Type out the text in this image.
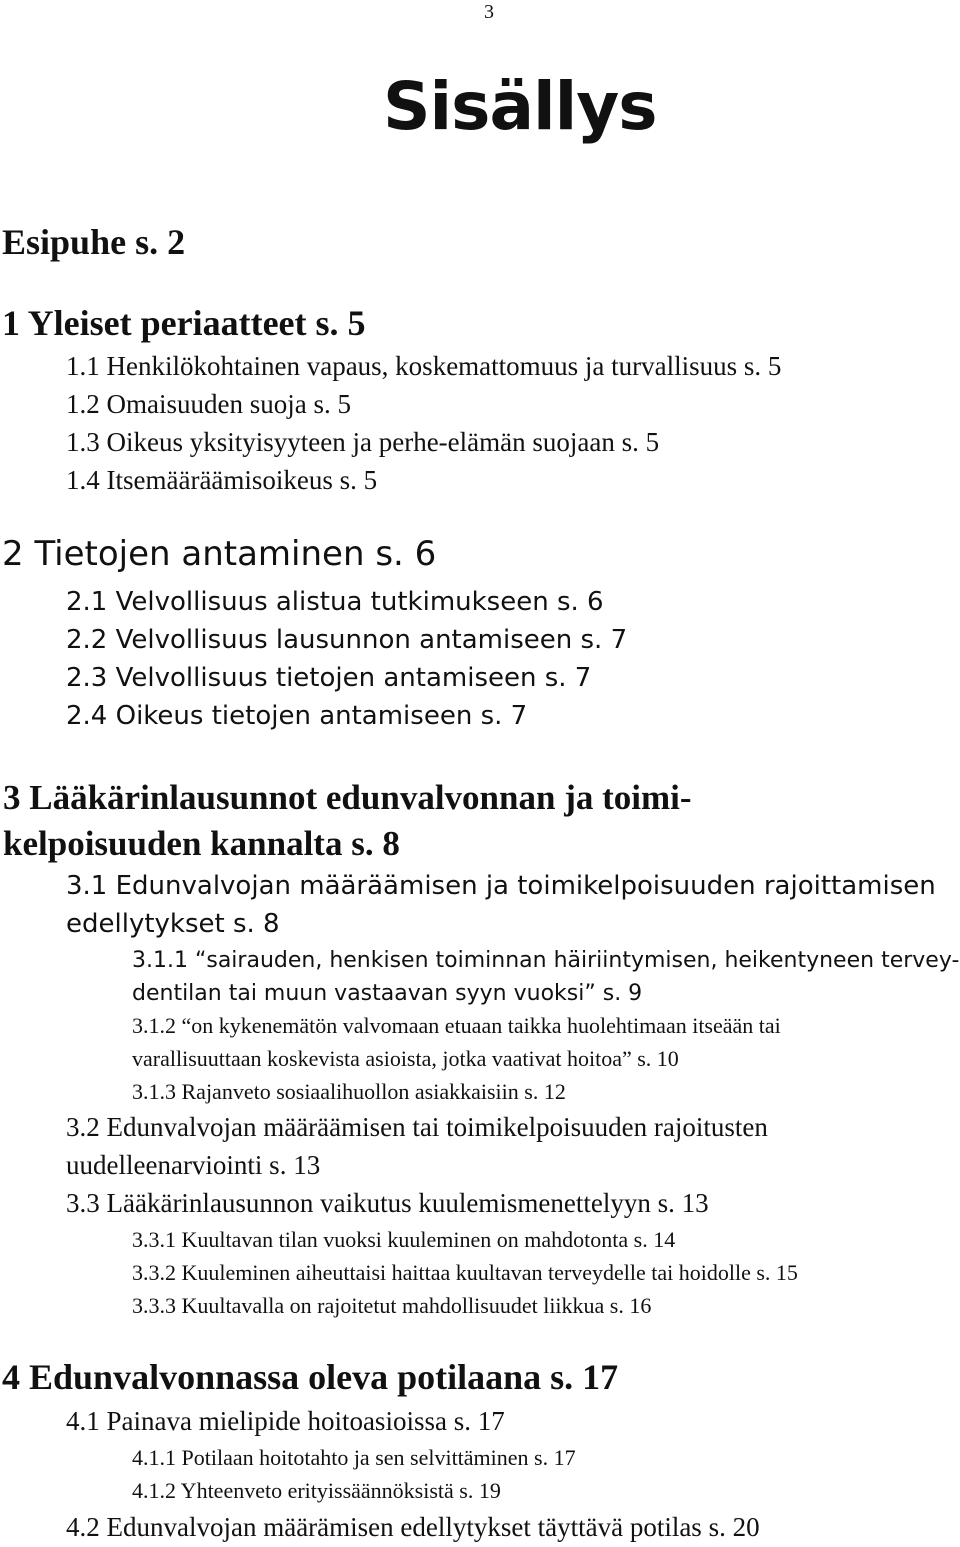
3
Sisällys
Esipuhe s. 2
1 Yleiset periaatteet s. 5
1.1 Henkilökohtainen vapaus, koskemattomuus ja turvallisuus s. 5
1.2 Omaisuuden suoja s. 5
1.3 Oikeus yksityisyyteen ja perhe-elämän suojaan s. 5
1.4 Itsemääräämisoikeus s. 5
2 Tietojen antaminen s. 6
2.1 Velvollisuus alistua tutkimukseen s. 6
2.2 Velvollisuus lausunnon antamiseen s. 7
2.3 Velvollisuus tietojen antamiseen s. 7
2.4 Oikeus tietojen antamiseen s. 7
3 Lääkärinlausunnot edunvalvonnan ja toimi-
kelpoisuuden kannalta s. 8
3.1 Edunvalvojan määräämisen ja toimikelpoisuuden rajoittamisen
edellytykset s. 8
3.1.1 “sairauden, henkisen toiminnan häiriintymisen, heikentyneen tervey-
dentilan tai muun vastaavan syyn vuoksi” s. 9
3.1.2 “on kykenemätön valvomaan etuaan taikka huolehtimaan itseään tai
varallisuuttaan koskevista asioista, jotka vaativat hoitoa” s. 10
3.1.3 Rajanveto sosiaalihuollon asiakkaisiin s. 12
3.2 Edunvalvojan määräämisen tai toimikelpoisuuden rajoitusten
uudelleenarviointi s. 13
3.3 Lääkärinlausunnon vaikutus kuulemismenettelyyn s. 13
3.3.1 Kuultavan tilan vuoksi kuuleminen on mahdotonta s. 14
3.3.2 Kuuleminen aiheuttaisi haittaa kuultavan terveydelle tai hoidolle s. 15
3.3.3 Kuultavalla on rajoitetut mahdollisuudet liikkua s. 16
4 Edunvalvonnassa oleva potilaana s. 17
4.1 Painava mielipide hoitoasioissa s. 17
4.1.1 Potilaan hoitotahto ja sen selvittäminen s. 17
4.1.2 Yhteenveto erityissäännöksistä s. 19
4.2 Edunvalvojan määrämisen edellytykset täyttävä potilas s. 20
